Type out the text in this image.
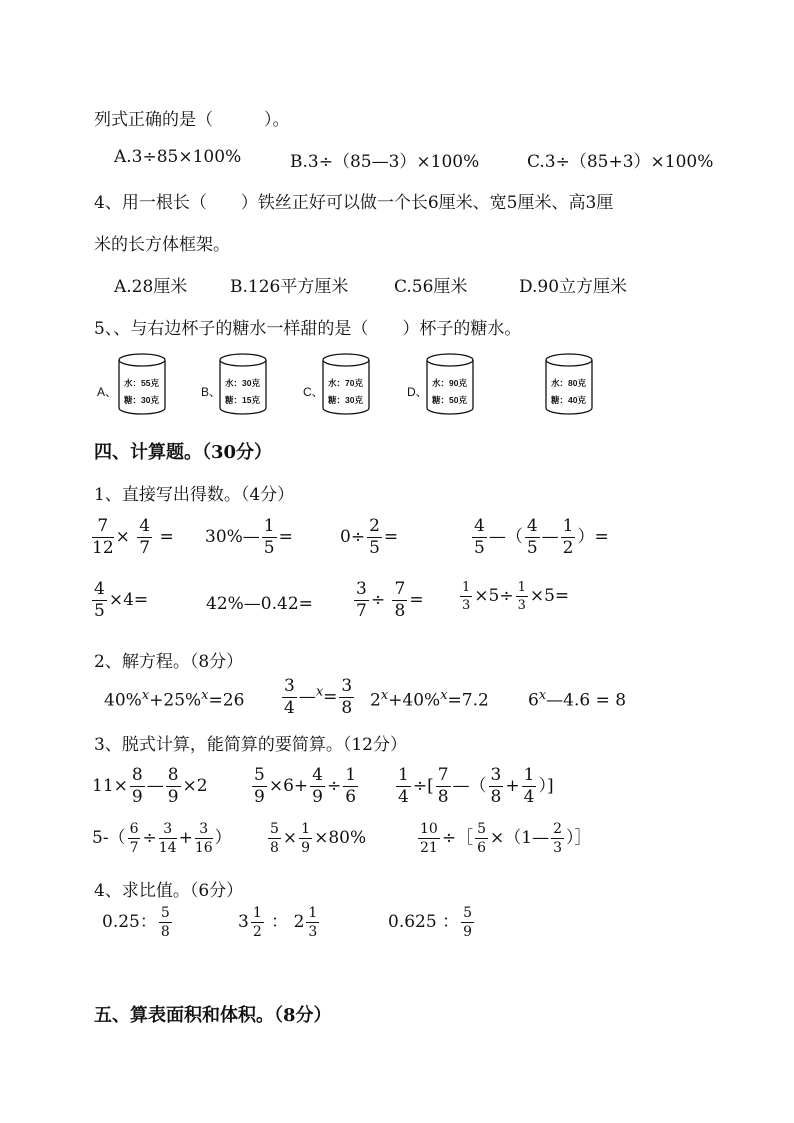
列式正确的是（　　　）。
A.3÷85×100%	B.3÷（85—3）×100%	C.3÷（85+3）×100%
4、用一根长（　　）铁丝正好可以做一个长6厘米、宽5厘米、高3厘
米的长方体框架。
A.28厘米	B.126平方厘米	C.56厘米	D.90立方厘米
5、、与右边杯子的糖水一样甜的是（　　）杯子的糖水。
A、
水：55克
糖：30克
B、
水：30克
糖：15克
C、
水：70克
糖：30克
D、
水：90克
糖：50克
水：80克
糖：40克
四、计算题。（30分）
1、直接写出得数。（4分）
$\frac{7}{12} \times \frac{4}{7}$ = 30%— $\frac{1}{5}$ =	$0\div \frac{2}{5}$ =	$\frac{4}{5}$ —（ $\frac{4}{5}$ — $\frac{1}{2}$ ）=
$\frac{4}{5} \times 4=$	42%—0.42= $\frac{3}{7} \div \frac{7}{8}$ =	$\frac{1}{3} \times 5\div \frac{1}{3} \times 5=$
2、解方程。（8分）
$40\%^x+25\%^x=26 \frac{3}{4}$ —$^x$= $\frac{3}{8} 2^x+40\%^x=7.2$ $6^x—4.6 = 8$
3、脱式计算，能简算的要简算。（12分）
$11\times \frac{8}{9}$ — $\frac{8}{9} \times 2$	$\frac{5}{9} \times 6+ \frac{4}{9} \div \frac{1}{6} \frac{1}{4}$ ÷[ $\frac{7}{8}$ —（ $\frac{3}{8} + \frac{1}{4}$ ）]
$5-( \frac{6}{7} \div \frac{3}{14} + \frac{3}{16}$ ）	$\frac{5}{8} \times \frac{1}{9} \times 80\%$	$\frac{10}{21}$ ÷［ $\frac{5}{6}$ ×（1— $\frac{2}{3}$ ）］
4、求比值。（6分）
0.25： $\frac{5}{8}$	$3 \frac{1}{2}$ ： $2 \frac{1}{3}$	0.625 ： $\frac{5}{9}$
五、算表面积和体积。（8分）
